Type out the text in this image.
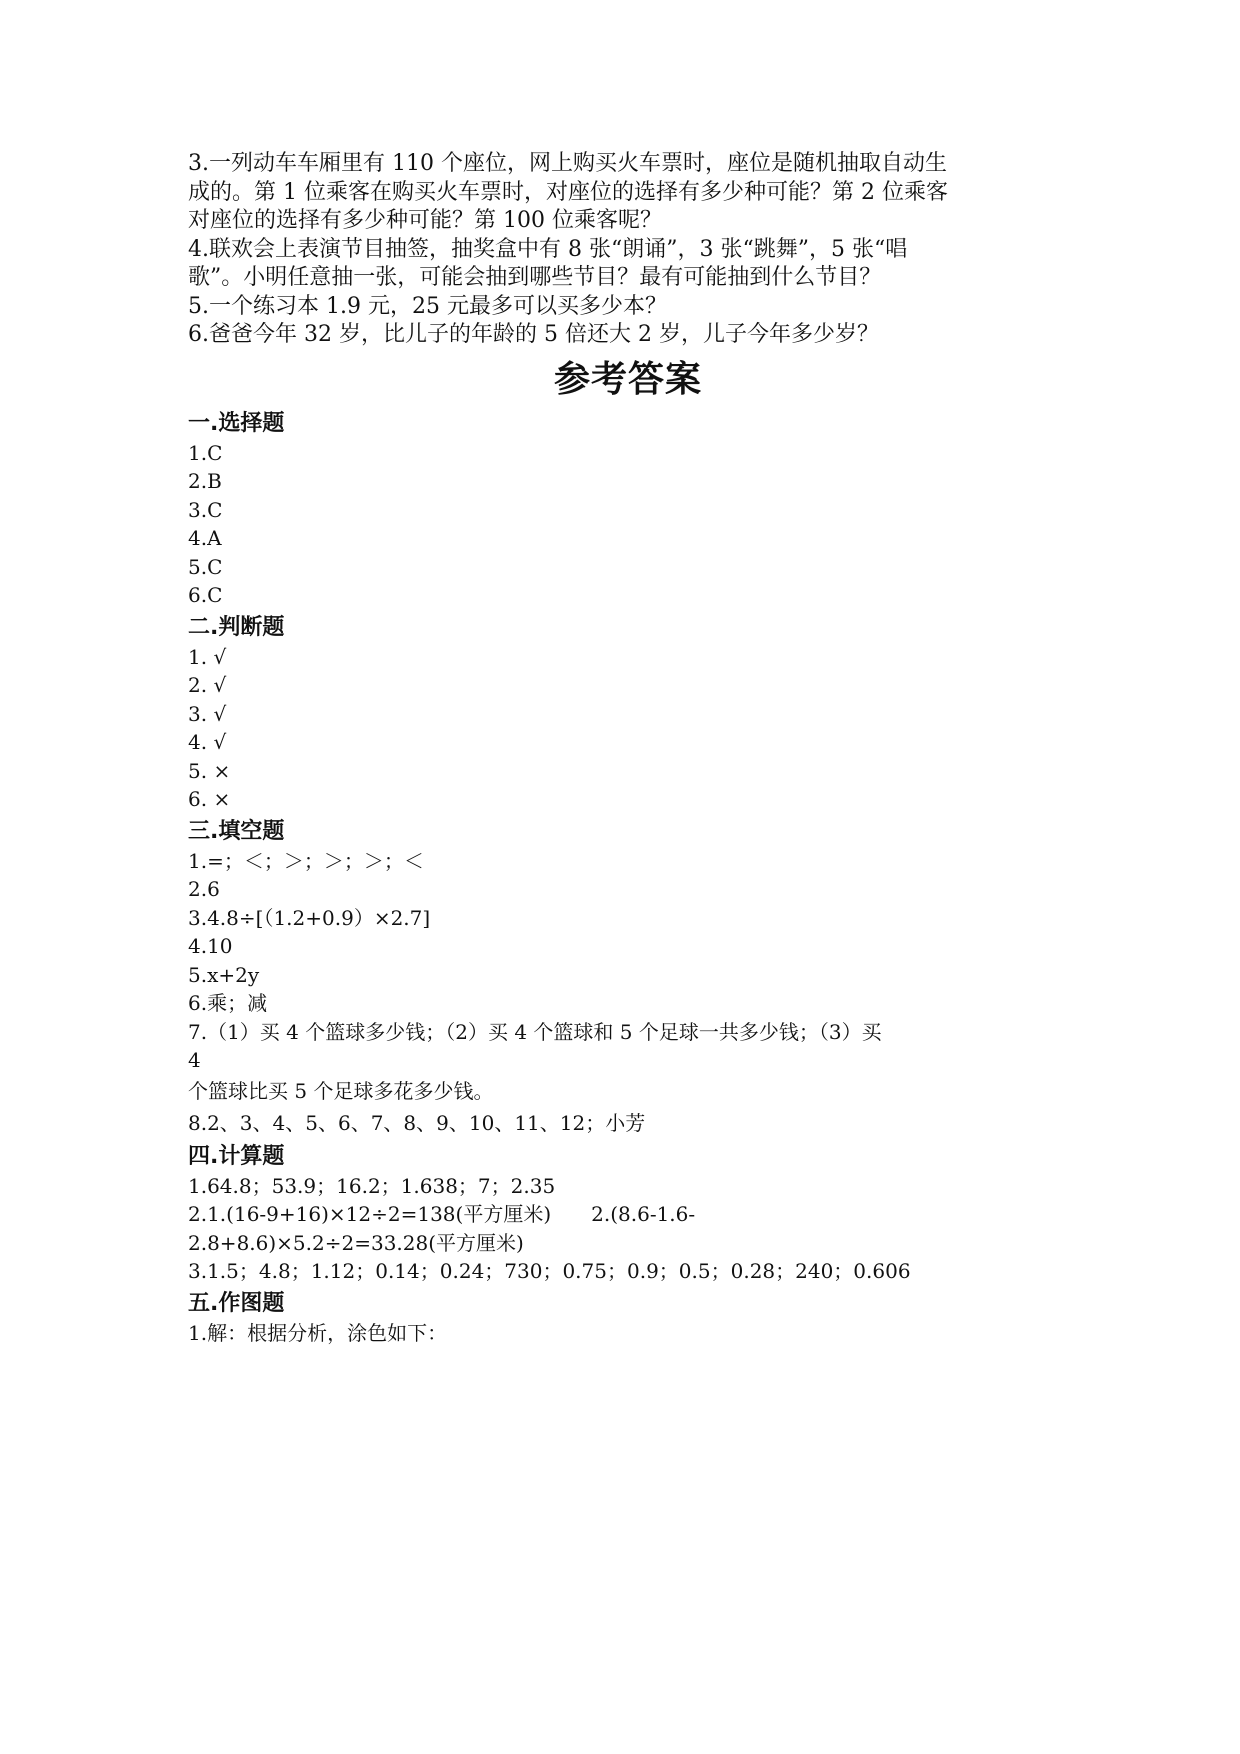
3.一列动车车厢里有 110 个座位，网上购买火车票时，座位是随机抽取自动生
成的。第 1 位乘客在购买火车票时，对座位的选择有多少种可能？第 2 位乘客
对座位的选择有多少种可能？第 100 位乘客呢？
4.联欢会上表演节目抽签，抽奖盒中有 8 张“朗诵”，3 张“跳舞”，5 张“唱
歌”。小明任意抽一张，可能会抽到哪些节目？最有可能抽到什么节目？
5.一个练习本 1.9 元，25 元最多可以买多少本？
6.爸爸今年 32 岁，比儿子的年龄的 5 倍还大 2 岁，儿子今年多少岁？
参考答案
一.选择题
1.C
2.B
3.C
4.A
5.C
6.C
二.判断题
1. √
2. √
3. √
4. √
5. ×
6. ×
三.填空题
1.=；＜；＞；＞；＞；＜
2.6
3.4.8÷[（1.2+0.9）×2.7]
4.10
5.x+2y
6.乘；减
7.（1）买 4 个篮球多少钱；（2）买 4 个篮球和 5 个足球一共多少钱；（3）买
4
个篮球比买 5 个足球多花多少钱。
8.2、3、4、5、6、7、8、9、10、11、12；小芳
四.计算题
1.64.8；53.9；16.2；1.638；7；2.35
2.1.(16-9+16)×12÷2=138(平方厘米)　　2.(8.6-1.6-
2.8+8.6)×5.2÷2=33.28(平方厘米)
3.1.5；4.8；1.12；0.14；0.24；730；0.75；0.9；0.5；0.28；240；0.606
五.作图题
1.解：根据分析，涂色如下：
